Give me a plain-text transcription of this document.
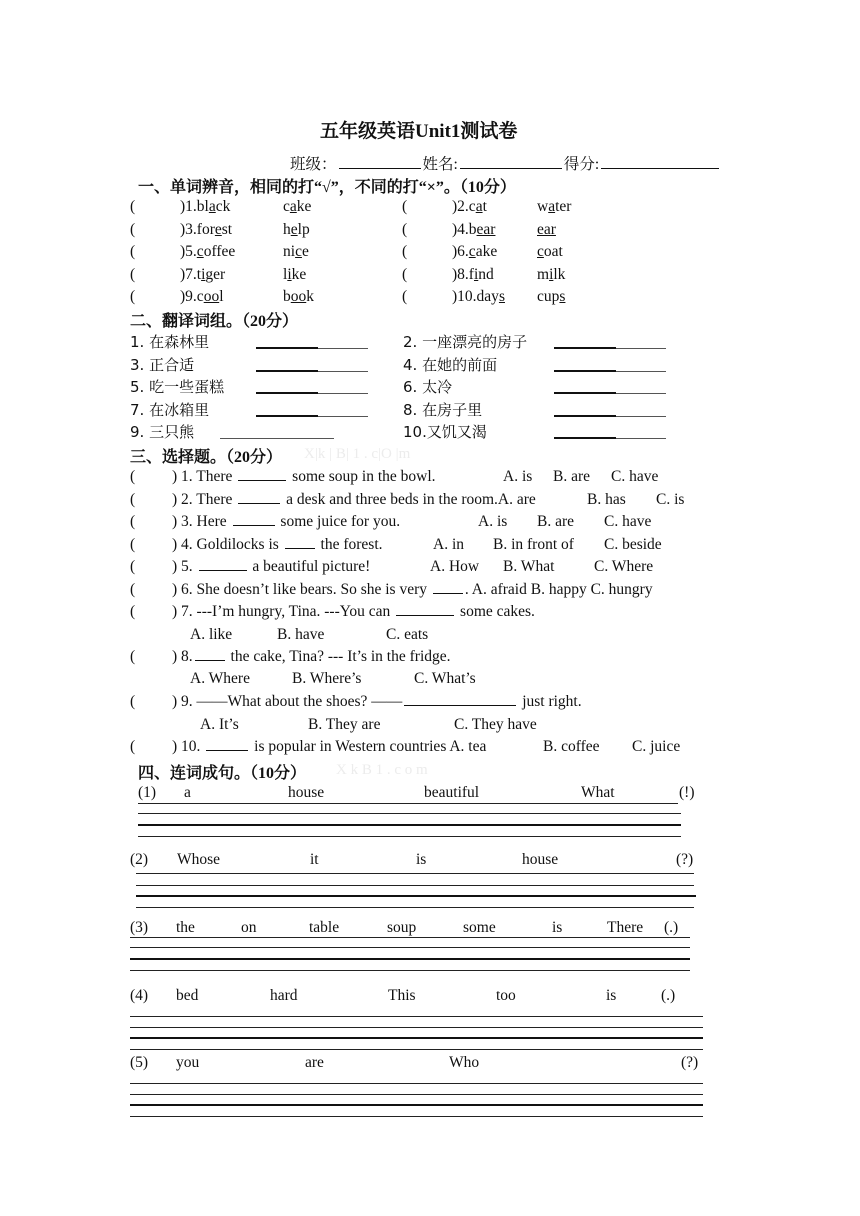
五年级英语Unit1测试卷
班级：	姓名:	得分:
一、单词辨音，相同的打“√”，不同的打“×”。（10分）
(	)1.black	cake	(	)2.cat	water
(	)3.forest	help	(	)4.bear	ear
(	)5.coffee	nice	(	)6.cake	coat
(	)7.tiger	like	(	)8.find	milk
(	)9.cool	book	(	)10.days cups
二、翻译词组。（20分）
1. 在森林里	2. 一座漂亮的房子
3. 正合适	4. 在她的前面
5. 吃一些蛋糕	6. 太冷
7. 在冰箱里	8. 在房子里
9. 三只熊	10.又饥又渴
三、选择题。（20分） X|k | B| 1 . c|O |m
( ) 1. There	some soup in the bowl.	A. is B. are C. have
( ) 2. There	a desk and three beds in the room.A. are	B. has C. is
( ) 3. Here	some juice for you.	A. is B. are C. have
( ) 4. Goldilocks is	the forest.	A. in B. in front of C. beside
( ) 5.	a beautiful picture!	A. How B. What	C. Where
( ) 6. She doesn’t like bears. So she is very . A. afraid B. happy C. hungry
( ) 7. ---I’m hungry, Tina. ---You can	some cakes.
A. like	B. have	C. eats
( ) 8. the cake, Tina? --- It’s in the fridge.
A. Where	B. Where’s	C. What’s
( ) 9. ——What about the shoes? ——	just right.
A. It’s	B. They are	C. They have
( ) 10.	is popular in Western countries A. tea	B. coffee C. juice
四、连词成句。（10分） X k B 1 . c o m
(1) a	house	beautiful	What	(!)
(2) Whose	it	is	house	(?)
(3) the	on	table	soup	some	is	There (.)
(4) bed	hard	This	too	is	(.)
(5) you	are	Who	(?)
